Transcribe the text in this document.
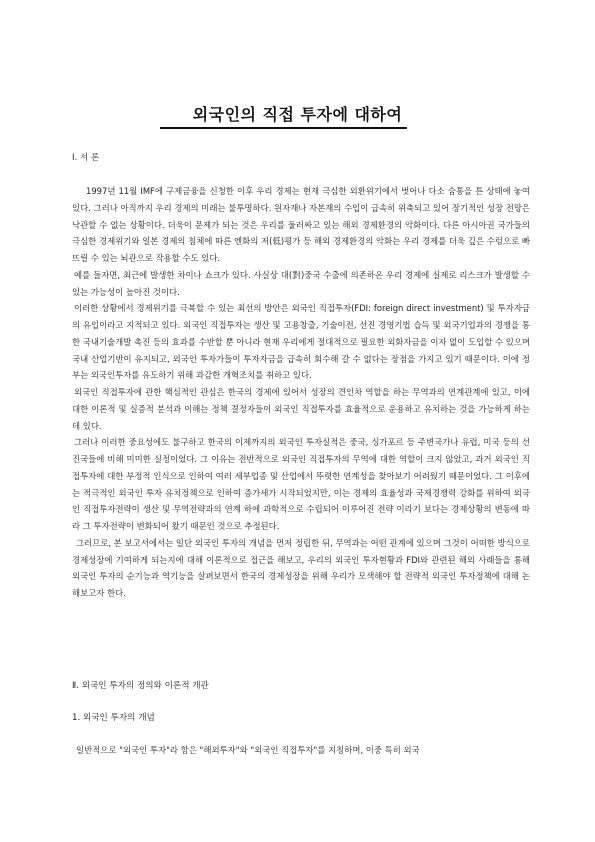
외국인의 직접 투자에 대하여
Ⅰ. 서 론

1997년 11월 IMF에 구제금융을 신청한 이후 우리 경제는 현재 극심한 외환위기에서 벗어나 다소 숨통을 튼 상태에 놓여있다. 그러나 아직까지 우리 경제의 미래는 불투명하다. 원자재나 자본재의 수입이 급속히 위축되고 있어 장기적인 성장 전망은 낙관할 수 없는 상황이다. 더욱이 문제가 되는 것은 우리를 둘러싸고 있는 해외 경제환경의 악화이다. 다른 아시아권 국가들의 극심한 경제위기와 일본 경제의 침체에 따른 엔화의 저(低)평가 등 해외 경제환경의 악화는 우리 경제를 더욱 깊은 수렁으로 빠뜨릴 수 있는 뇌관으로 작용할 수도 있다.

예를 들자면, 최근에 발생한 차이나 쇼크가 있다. 사실상 대(對)중국 수출에 의존하온 우리 경제에 실제로 리스크가 발생할 수 있는 가능성이 높아진 것이다.

이러한 상황에서 경제위기를 극복할 수 있는 최선의 방안은 외국인 직접투자(FDI: foreign direct investment) 및 투자자금의 유입이라고 지적되고 있다. 외국인 직접투자는 생산 및 고용창출, 기술이전, 선진 경영기법 습득 및 외국기업과의 경쟁을 통한 국내기술개발 촉진 등의 효과를 수반할 뿐 아니라 현재 우리에게 절대적으로 필요한 외화자금을 이자 없이 도입할 수 있으며 국내 산업기반이 유지되고, 외국인 투자가들이 투자자금을 급속히 회수해 갈 수 없다는 장점을 가지고 있기 때문이다. 이에 정부는 외국인투자를 유도하기 위해 과감한 개혁조치를 취하고 있다.

외국인 직접투자에 관한 핵심적인 관심은 한국의 경제에 있어서 성장의 견인차 역할을 하는 무역과의 연계관계에 있고, 이에 대한 이론적 및 실증적 분석과 이해는 정책 결정자들이 외국인 직접투자를 효율적으로 운용하고 유치하는 것을 가능하게 하는데 있다.

그러나 이러한 중요성에도 불구하고 한국의 이제까지의 외국인 투자실적은 중국, 싱가포르 등 주변국가나 유럽, 미국 등의 선진국들에 비해 미미한 실정이었다. 그 이유는 전반적으로 외국인 직접투자의 무역에 대한 역할이 크지 않았고, 과거 외국인 직접투자에 대한 부정적 인식으로 인하여 여러 세부업종 및 산업에서 뚜렷한 연계성을 찾아보기 어려웠기 때문이었다. 그 이후에는 적극적인 외국인 투자 유치정책으로 인하여 증가세가 시작되었지만, 이는 경제의 효율성과 국제경쟁력 강화를 위하여 외국인 직접투자전략이 생산 및 무역전략과의 연계 하에 과학적으로 수립되어 이루어진 전략 이라기 보다는 경제상황의 변동에 따라 그 투자전략이 변화되어 왔기 때문인 것으로 추정된다.

그러므로, 본 보고서에서는 일단 외국인 투자의 개념을 먼저 정립한 뒤, 무역과는 어떤 관계에 있으며 그것이 어떠한 방식으로 경제성장에 기여하게 되는지에 대해 이론적으로 접근을 해보고, 우리의 외국인 투자현황과 FDI와 관련된 해외 사례들을 통해 외국인 투자의 순기능과 역기능을 살펴보면서 한국의 경제성장을 위해 우리가 모색해야 할 전략적 외국인 투자정책에 대해 논해보고자 한다.

Ⅱ. 외국인 투자의 정의와 이론적 개관
1. 외국인 투자의 개념
일반적으로 "외국인 투자"라 함은 "해외투자"와 "외국인 직접투자"를 지칭하며, 이중 특히 외국
